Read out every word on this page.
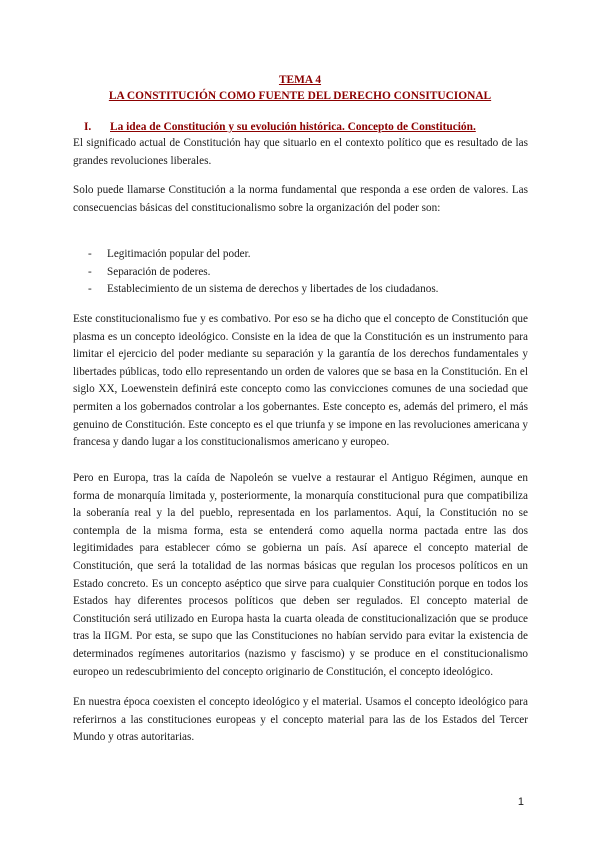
TEMA 4
LA CONSTITUCIÓN COMO FUENTE DEL DERECHO CONSITUCIONAL
I. La idea de Constitución y su evolución histórica. Concepto de Constitución.

El significado actual de Constitución hay que situarlo en el contexto político que es resultado de las grandes revoluciones liberales.

Solo puede llamarse Constitución a la norma fundamental que responda a ese orden de valores. Las consecuencias básicas del constitucionalismo sobre la organización del poder son:

- Legitimación popular del poder.
- Separación de poderes.
- Establecimiento de un sistema de derechos y libertades de los ciudadanos.

Este constitucionalismo fue y es combativo. Por eso se ha dicho que el concepto de Constitución que plasma es un concepto ideológico. Consiste en la idea de que la Constitución es un instrumento para limitar el ejercicio del poder mediante su separación y la garantía de los derechos fundamentales y libertades públicas, todo ello representando un orden de valores que se basa en la Constitución. En el siglo XX, Loewenstein definirá este concepto como las convicciones comunes de una sociedad que permiten a los gobernados controlar a los gobernantes. Este concepto es, además del primero, el más genuino de Constitución. Este concepto es el que triunfa y se impone en las revoluciones americana y francesa y dando lugar a los constitucionalismos americano y europeo.

Pero en Europa, tras la caída de Napoleón se vuelve a restaurar el Antiguo Régimen, aunque en forma de monarquía limitada y, posteriormente, la monarquía constitucional pura que compatibiliza la soberanía real y la del pueblo, representada en los parlamentos. Aquí, la Constitución no se contempla de la misma forma, esta se entenderá como aquella norma pactada entre las dos legitimidades para establecer cómo se gobierna un país. Así aparece el concepto material de Constitución, que será la totalidad de las normas básicas que regulan los procesos políticos en un Estado concreto. Es un concepto aséptico que sirve para cualquier Constitución porque en todos los Estados hay diferentes procesos políticos que deben ser regulados. El concepto material de Constitución será utilizado en Europa hasta la cuarta oleada de constitucionalización que se produce tras la IIGM. Por esta, se supo que las Constituciones no habían servido para evitar la existencia de determinados regímenes autoritarios (nazismo y fascismo) y se produce en el constitucionalismo europeo un redescubrimiento del concepto originario de Constitución, el concepto ideológico.

En nuestra época coexisten el concepto ideológico y el material. Usamos el concepto ideológico para referirnos a las constituciones europeas y el concepto material para las de los Estados del Tercer Mundo y otras autoritarias.

1
